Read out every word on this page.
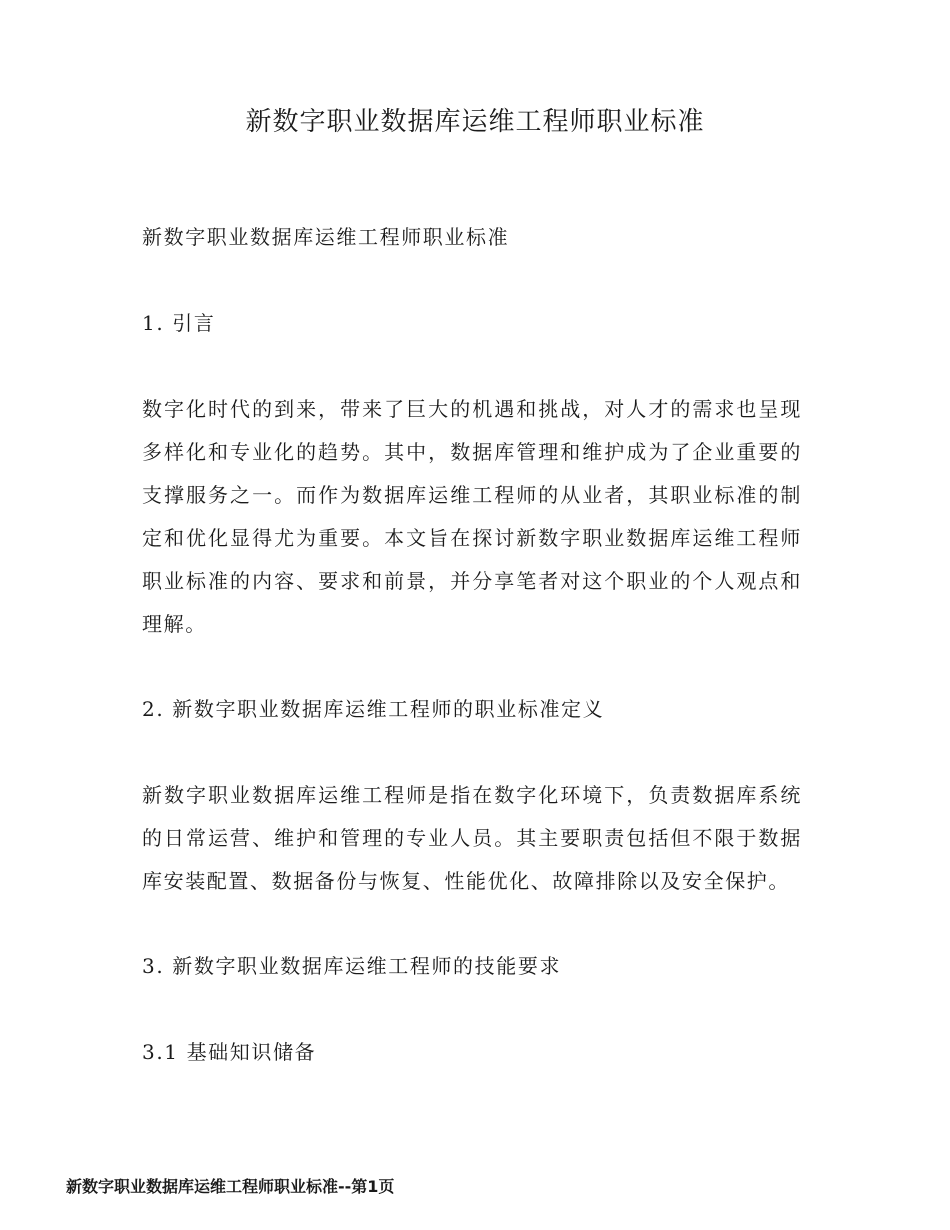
新数字职业数据库运维工程师职业标准

新数字职业数据库运维工程师职业标准

1. 引言

数字化时代的到来，带来了巨大的机遇和挑战，对人才的需求也呈现多样化和专业化的趋势。其中，数据库管理和维护成为了企业重要的支撑服务之一。而作为数据库运维工程师的从业者，其职业标准的制定和优化显得尤为重要。本文旨在探讨新数字职业数据库运维工程师职业标准的内容、要求和前景，并分享笔者对这个职业的个人观点和理解。

2. 新数字职业数据库运维工程师的职业标准定义

新数字职业数据库运维工程师是指在数字化环境下，负责数据库系统的日常运营、维护和管理的专业人员。其主要职责包括但不限于数据库安装配置、数据备份与恢复、性能优化、故障排除以及安全保护。

3. 新数字职业数据库运维工程师的技能要求

3.1 基础知识储备

新数字职业数据库运维工程师职业标准--第1页
